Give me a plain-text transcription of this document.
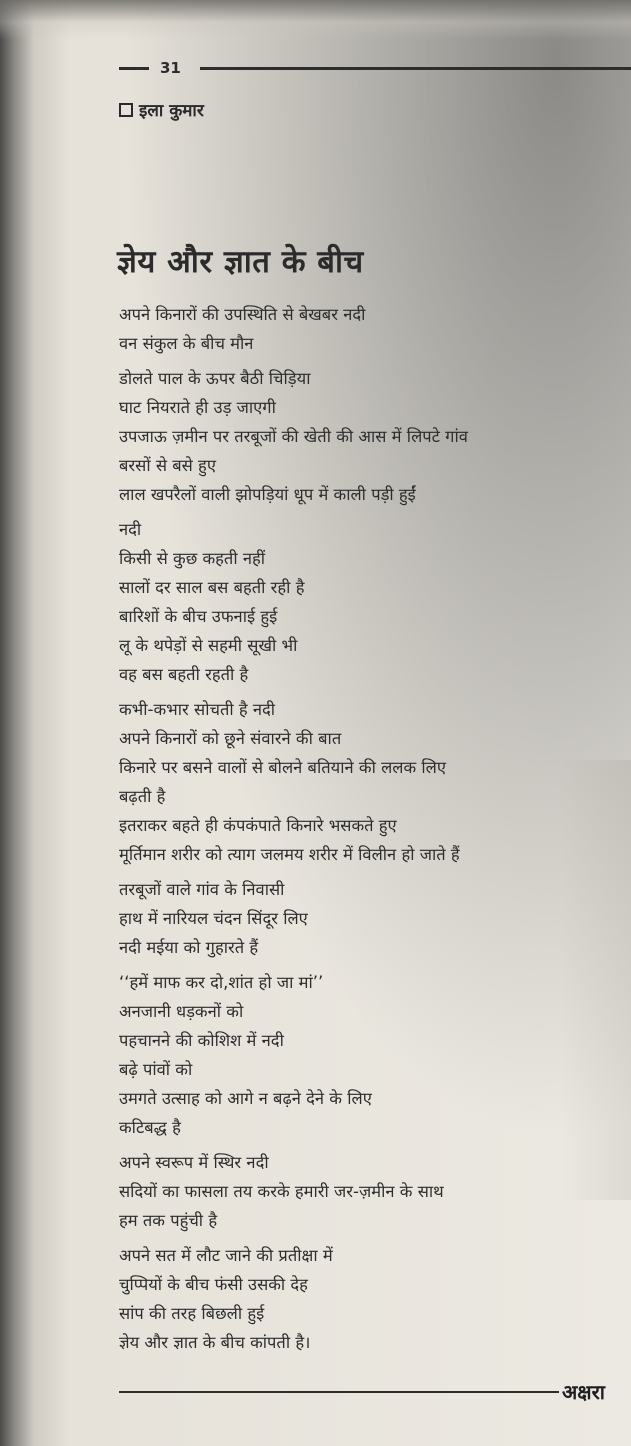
31
इला कुमार
ज्ञेय और ज्ञात के बीच
अपने किनारों की उपस्थिति से बेखबर नदी
वन संकुल के बीच मौन
डोलते पाल के ऊपर बैठी चिड़िया
घाट नियराते ही उड़ जाएगी
उपजाऊ ज़मीन पर तरबूजों की खेती की आस में लिपटे गांव
बरसों से बसे हुए
लाल खपरैलों वाली झोपड़ियां धूप में काली पड़ी हुईं
नदी
किसी से कुछ कहती नहीं
सालों दर साल बस बहती रही है
बारिशों के बीच उफनाई हुई
लू के थपेड़ों से सहमी सूखी भी
वह बस बहती रहती है
कभी-कभार सोचती है नदी
अपने किनारों को छूने संवारने की बात
किनारे पर बसने वालों से बोलने बतियाने की ललक लिए
बढ़ती है
इतराकर बहते ही कंपकंपाते किनारे भसकते हुए
मूर्तिमान शरीर को त्याग जलमय शरीर में विलीन हो जाते हैं
तरबूजों वाले गांव के निवासी
हाथ में नारियल चंदन सिंदूर लिए
नदी मईया को गुहारते हैं
‘‘हमें माफ कर दो,शांत हो जा मां’’
अनजानी धड़कनों को
पहचानने की कोशिश में नदी
बढ़े पांवों को
उमगते उत्साह को आगे न बढ़ने देने के लिए
कटिबद्ध है
अपने स्वरूप में स्थिर नदी
सदियों का फासला तय करके हमारी जर-ज़मीन के साथ
हम तक पहुंची है
अपने सत में लौट जाने की प्रतीक्षा में
चुप्पियों के बीच फंसी उसकी देह
सांप की तरह बिछली हुई
ज्ञेय और ज्ञात के बीच कांपती है।
अक्षरा
